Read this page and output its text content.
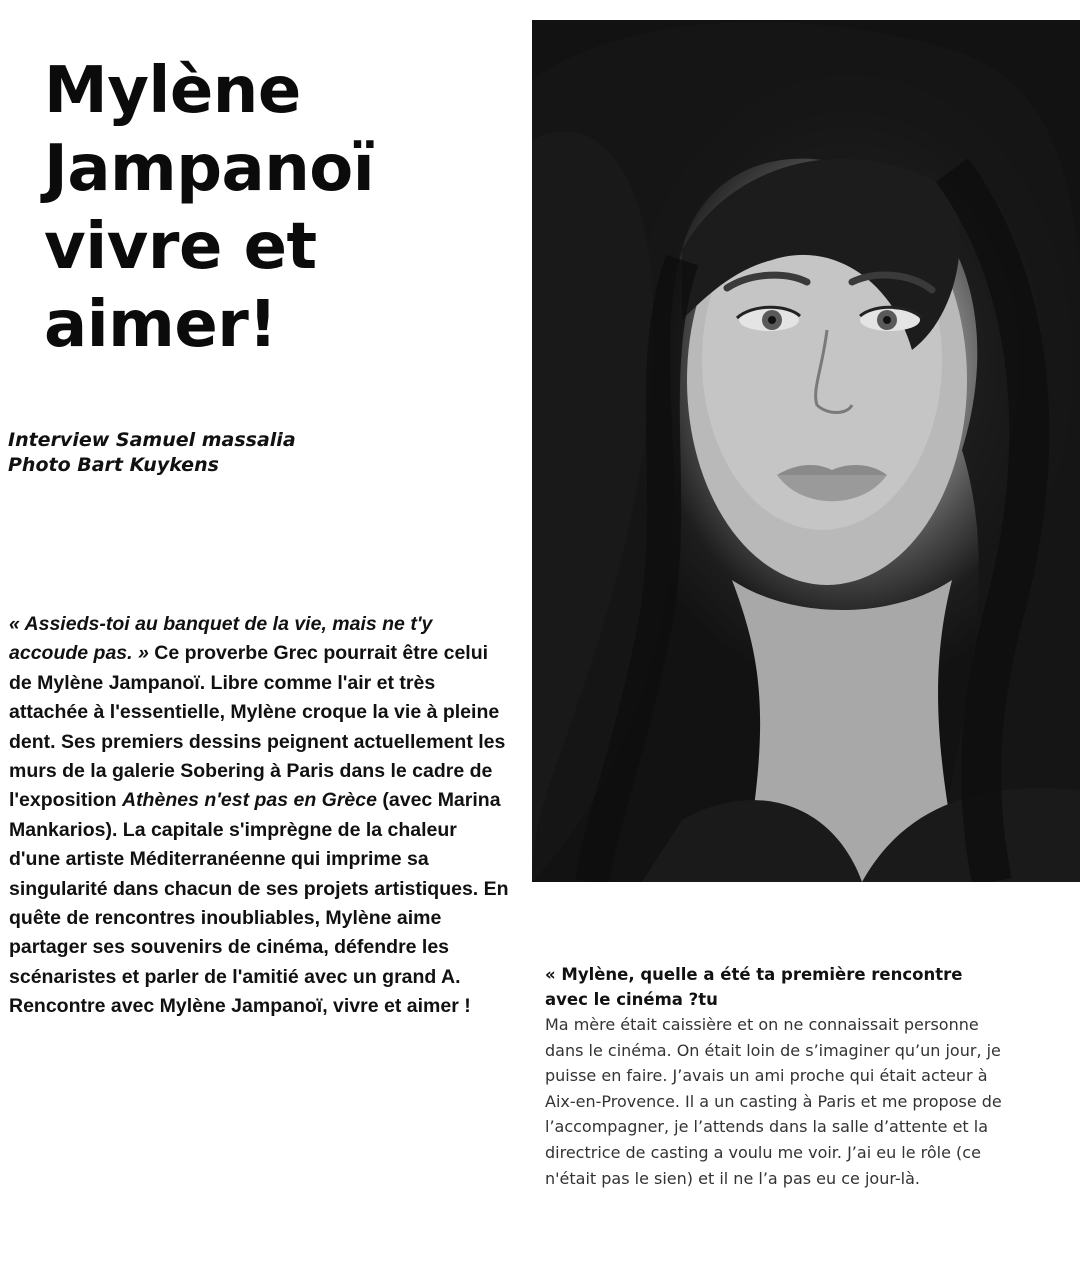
Mylène
Jampanoï
vivre et
aimer!
Interview Samuel massalia
Photo Bart Kuykens

« Assieds-toi au banquet de la vie, mais ne t'y accoude pas. » Ce proverbe Grec pourrait être celui de Mylène Jampanoï. Libre comme l'air et très attachée à l'essentielle, Mylène croque la vie à pleine dent. Ses premiers dessins peignent actuellement les murs de la galerie Sobering à Paris dans le cadre de l'exposition Athènes n'est pas en Grèce (avec Marina Mankarios). La capitale s'imprègne de la chaleur d'une artiste Méditerranéenne qui imprime sa singularité dans chacun de ses projets artistiques. En quête de rencontres inoubliables, Mylène aime partager ses souvenirs de cinéma, défendre les scénaristes et parler de l'amitié avec un grand A. Rencontre avec Mylène Jampanoï, vivre et aimer !

« Mylène, quelle a été ta première rencontre avec le cinéma ?tu

Ma mère était caissière et on ne connaissait personne dans le cinéma. On était loin de s’imaginer qu’un jour, je puisse en faire. J’avais un ami proche qui était acteur à Aix-en-Provence. Il a un casting à Paris et me propose de l’accompagner, je l’attends dans la salle d’attente et la directrice de casting a voulu me voir. J’ai eu le rôle (ce n'était pas le sien) et il ne l’a pas eu ce jour-là.
